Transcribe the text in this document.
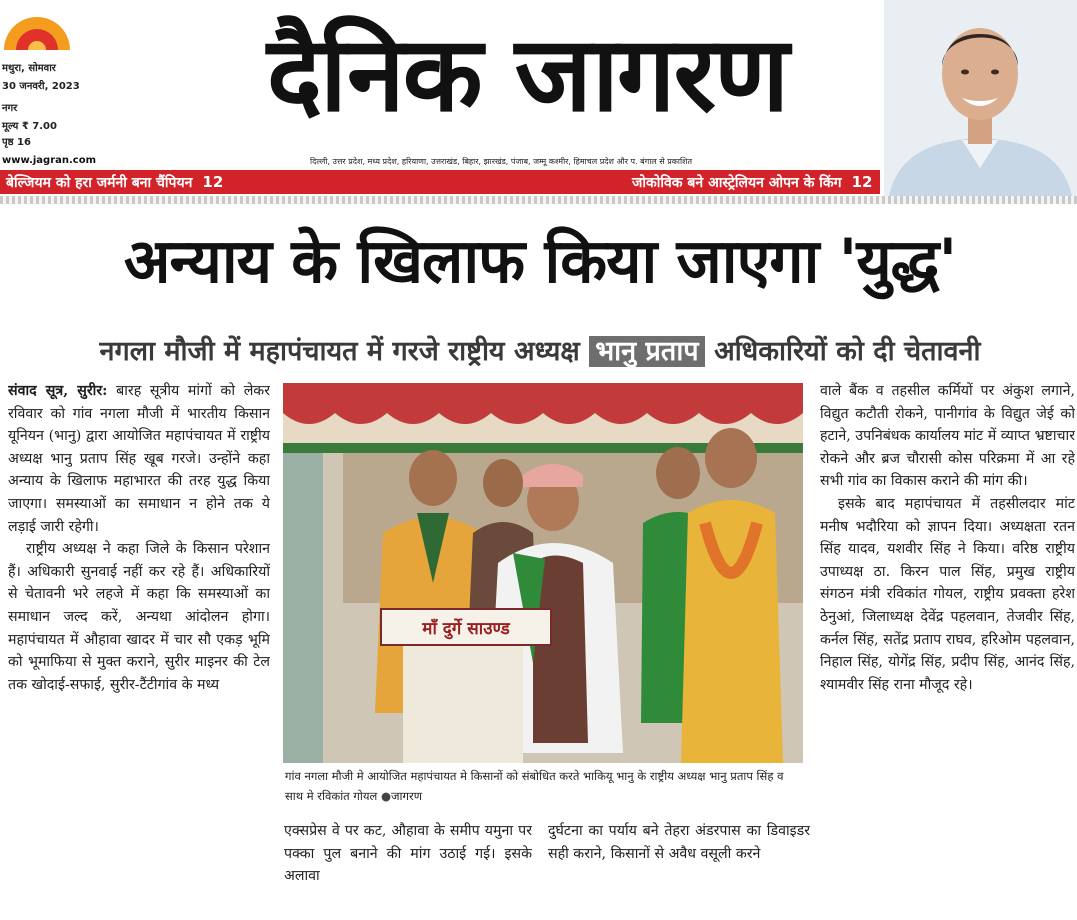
मथुरा, सोमवार
30 जनवरी, 2023
नगर
मूल्य ₹ 7.00
पृष्ठ 16
दैनिक जागरण
www.jagran.com	दिल्ली, उत्तर प्रदेश, मध्य प्रदेश, हरियाणा, उत्तराखंड, बिहार, झारखंड, पंजाब, जम्मू कश्मीर, हिमाचल प्रदेश और प. बंगाल से प्रकाशित
बेल्जियम को हरा जर्मनी बना चैंपियन 12	जोकोविक बने आस्ट्रेलियन ओपन के किंग 12
अन्याय के खिलाफ किया जाएगा 'युद्ध'
नगला मौजी में महापंचायत में गरजे राष्ट्रीय अध्यक्ष भानु प्रताप अधिकारियों को दी चेतावनी

संवाद सूत्र, सुरीर: बारह सूत्रीय मांगों को लेकर रविवार को गांव नगला मौजी में भारतीय किसान यूनियन (भानु) द्वारा आयोजित महापंचायत में राष्ट्रीय अध्यक्ष भानु प्रताप सिंह खूब गरजे। उन्होंने कहा अन्याय के खिलाफ महाभारत की तरह युद्ध किया जाएगा। समस्याओं का समाधान न होने तक ये लड़ाई जारी रहेगी।

राष्ट्रीय अध्यक्ष ने कहा जिले के किसान परेशान हैं। अधिकारी सुनवाई नहीं कर रहे हैं। अधिकारियों से चेतावनी भरे लहजे में कहा कि समस्याओं का समाधान जल्द करें, अन्यथा आंदोलन होगा। महापंचायत में औहावा खादर में चार सौ एकड़ भूमि को भूमाफिया से मुक्त कराने, सुरीर माइनर की टेल तक खोदाई-सफाई, सुरीर-टैंटीगांव के मध्य

माँ दुर्गे साउण्ड
गांव नगला मौजी मे आयोजित महापंचायत मे किसानों को संबोधित करते भाकियू भानु के राष्ट्रीय अध्यक्ष भानु प्रताप सिंह व साथ मे रविकांत गोयल ● जागरण

एक्सप्रेस वे पर कट, औहावा के समीप यमुना पर पक्का पुल बनाने की मांग उठाई गई। इसके अलावा

दुर्घटना का पर्याय बने तेहरा अंडरपास का डिवाइडर सही कराने, किसानों से अवैध वसूली करने

वाले बैंक व तहसील कर्मियों पर अंकुश लगाने, विद्युत कटौती रोकने, पानीगांव के विद्युत जेई को हटाने, उपनिबंधक कार्यालय मांट में व्याप्त भ्रष्टाचार रोकने और ब्रज चौरासी कोस परिक्रमा में आ रहे सभी गांव का विकास कराने की मांग की।

इसके बाद महापंचायत में तहसीलदार मांट मनीष भदौरिया को ज्ञापन दिया। अध्यक्षता रतन सिंह यादव, यशवीर सिंह ने किया। वरिष्ठ राष्ट्रीय उपाध्यक्ष ठा. किरन पाल सिंह, प्रमुख राष्ट्रीय संगठन मंत्री रविकांत गोयल, राष्ट्रीय प्रवक्ता हरेश ठेनुआं, जिलाध्यक्ष देवेंद्र पहलवान, तेजवीर सिंह, कर्नल सिंह, सतेंद्र प्रताप राघव, हरिओम पहलवान, निहाल सिंह, योगेंद्र सिंह, प्रदीप सिंह, आनंद सिंह, श्यामवीर सिंह राना मौजूद रहे।
